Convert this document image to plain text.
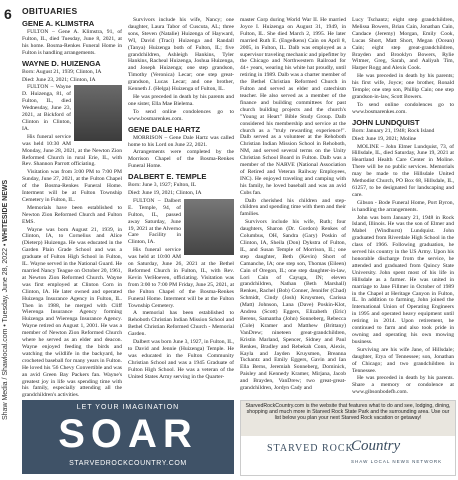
6
Shaw Media / Shawlocal.com • Tuesday, June 28, 2022 • WHITESIDE NEWS
OBITUARIES
GENE A. KLIMSTRA

FULTON – Gene A. Klimstra, 91, of Fulton, IL, died Tuesday, June 8, 2021, at his home. Bosma-Renkes Funeral Home in Fulton is handling arrangements.

WAYNE D. HUIZENGA

Born: August 21, 1939; Clinton, IA

Died: June 23, 2021; Clinton, IA

FULTON – Wayne D. Huizenga, 81, of Fulton, IL, died Wednesday, June 23, 2021, at Bickford of Clinton in Clinton, IA.

His funeral service was held 10:30 AM Monday, June 28, 2021, at the Newton Zion Reformed Church in rural Erie, IL, with Rev. Shannon Parrott officiating.

Visitation was from 3:00 PM to 7:00 PM Sunday, June 27, 2021, at the Fulton Chapel of the Bosma-Renkes Funeral Home. Interment will be at Fulton Township Cemetery in Fulton, IL.

Memorials have been established to Newton Zion Reformed Church and Fulton EMS.

Wayne was born August 21, 1939, in Clinton, IA, to Cornelius and Alice (Dieterp) Huizenga. He was educated in the Garden Plain Grade School and was a graduate of Fulton High School in Fulton, IL. Wayne served in the National Guard. He married Nancy Teague on October 20, 1961, at Newton Zion Reformed Church. Wayne was first employed at Clinton Corn in Clinton, IA. He later owned and operated Huizenga Insurance Agency in Fulton, IL. Then in 1988, he merged with Cliff Wierenga Insurance Agency forming Huizenga and Wierenga Insurance Agency. Wayne retired on August 1, 2001. He was a member of Newton Zion Reformed Church where he served as an elder and deacon. Wayne enjoyed feeding the birds and watching the wildlife in the backyard, he crocheted baseball for many years in Fulton. He loved his '56 Chevy Convertible and was an avid Green Bay Packers fan. Wayne's greatest joy in life was spending time with his family, especially attending all the grandchildren's activities.

Survivors include his wife, Nancy; one daughter, Laura Tabor of Cuscuta, AL; three sons, Steven (Natalie) Huizenga of Hayward, WI, David (Traci) Huizenga and Randall (Tanya) Huizenga both of Fulton, IL; five grandchildren, Ashleigh Hankins, Tyler Hankins, Racheal Huizenga, Joshua Huizenga, and Joseph Huizenga; one step grandson, Timothy (Veronica) Lecar; one step great-grandson, Lucas Lecar; and one brother, Kenneth J. (Helga) Huizenga of Fulton, IL.

He was preceded in death by his parents and one sister, Ella Mae Bielema.

To send online condolences go to www.bosmarenkes.com.

GENE DALE HARTZ

MORRISON – Gene Dale Hartz was called home to his Lord on June 22, 2021.

Arrangements were completed by the Morrison Chapel of the Bosma-Renkes Funeral Home.

DALBERT E. TEMPLE

Born: June 3, 1927; Fulton, IL

Died: June 19, 2021; Clinton, IA

FULTON – Dalbert E. Temple, 94, of Fulton, IL, passed away Saturday, June 19, 2021 at the Alverno Care Facility in Clinton, IA.

His funeral service was held at 10:00 AM on Saturday, June 26, 2021 at the Bethel Reformed Church in Fulton, IL, with Rev. Kevin VerHoeven, officiating. Visitation was from 3:00 to 7:00 PM Friday, June 25, 2021, at the Fulton Chapel of the Bosma-Renkes Funeral Home. Interment will be at the Fulton Township Cemetery.

A memorial has been established to Rehoboth Christian Indian Mission School and Bethel Christian Reformed Church - Memorial Garden.

Dalbert was born June 3, 1927, in Fulton, IL, to David and Jennie (Huizenga) Temple. He was educated in the Fulton Community Christian School and was a 1945 Graduate of Fulton High School. He was a veteran of the United States Army serving in the Quarter-

master Corp during World War II. He married Joyce I. Huizenga on August 31, 1949, in Fulton, IL. She died March 2, 1995. He later married Ruth E. (Engelkens) Cain on April 8, 2005, in Fulton, IL. Dalb was employed as a supervisor traveling mechanic and pipefitter by the Chicago and Northwestern Railroad for 44+ years, wearing his white hat proudly, until retiring in 1989. Dalb was a charter member of the Bethel Christian Reformed Church in Fulton and served as elder and catechism teacher. He also served as a member of the finance and building committees for past church building projects and the church's "Young at Heart" Bible Study Group. Dalb considered his membership and service at the church as a "truly rewarding experience!". Dalb served as a volunteer at the Rehoboth Christian Indian Mission School in Rehoboth, NM, and served several terms on the Unity Christian School Board in Fulton. Dalb was a member of the NARVE (National Association of Retired and Veteran Railway Employees, INC). He enjoyed traveling and camping with his family, he loved baseball and was an avid Cubs fan.

Dalb cherished his children and step-children and spending time with them and their families.

Survivors include his wife, Ruth; four daughters, Sharon (Dr. Gordon) Renkes of Columbus, OH, Sandra (Gary) Poskin of Clinton, IA, Sheila (Don) Dykstra of Fulton, IL, and Susan Temple of Morrison, IL; one step daughter, Beth (Kevin) Short of Camanche, IA; one step son, Thomas (Eileen) Cain of Oregon, IL; one step daughter-in-law, Lori Cain of Cayuga, IN; eleven grandchildren, Nathan (Beth Marshall) Renkes, Rachel (Bob) Conner, Jennifer (Chad) Schmidt, Cindy (Josh) Kruysmen, Carissa (Matt) Johnson, Lana (Dave) Poskin-Klot, Andrea (Scott) Eggers, Elizabeth (Eric) Berens, Samantha (John) Sonneberg, Rebecca (Cole) Kramer and Matthew (Brittany) VanDrew; nineteen great-grandchildren, Kristin Marland, Spencer, Sidney and Paul Renkes, Bradley and Rebekah Conn, Alexis, Kayla and Jayden Kruysmen, Breanna Tschantz and Emily Eggers, Gavin and Ian Ella Berns, Jeremiah Sonneberg, Dominick, Paisley and Kennedy Kramer, Mirjana, Jacob and Brayden, VanDrew; two great-great-grandchildren, Jordyn Cady and

Lucy Tschantz; eight step grandchildren, Melissa Bowers, Brian Cain, Jonathan Cain, Candace (Jeremy) Morgan, Emily Cook, Lucas Short, Matt Short, Megan (Ocean) Cain; eight step great-grandchildren, Brayden and Brooklyn Bowers, Rylie Witmer, Greg, Sarah, and Aaliyah Tim, Harper Rogg and Alexis Cook.

He was preceded in death by his parents; his first wife, Joyce; one brother, Ronald Temple; one step son, Phillip Cain; one step grandson-in-law, Scott Bowers.

To send online condolences go to www.bosmarenkes.com.

JOHN LUNDQUIST

Born: January 21, 1948; Rock Island

Died: June 19, 2021; Moline

MOLINE – John Elmer Lundquist, 73, of Hillsdale, IL, died Saturday, June 19, 2021 at Heartland Health Care Center in Moline. There will be no public services. Memorials may be made to the Hillsdale United Methodist Church, PO Box 68, Hillsdale, IL, 61257, to be designated for landscaping and care.

Gibson - Bode Funeral Home, Port Byron, is handling the arrangements.

John was born January 21, 1948 in Rock Island, Illinois. He was the son of Elmer and Mabel (Windhurst) Lundquist. John graduated from Riverdale High School in the class of 1966. Following graduation, he served his country in the US Army. Upon his honorable discharge from the service, he attended and graduated from Quincy State University. John spent most of his life in Hillsdale as a farmer. He was united in marriage to Jane Fillmer in October of 1989 in the Chapel at Heritage Canyon in Fulton, IL. In addition to farming, John joined the International Union of Operating Engineers in 1995 and operated heavy equipment until retiring in 2014. Upon retirement, he continued to farm and also took pride in owning and operating his own mowing business.

Surviving are his wife Jane, of Hillsdale; daughter, Erya of Tennessee; son, Jonathan of Chicago; and two grandchildren in Tennessee.

He was preceded in death by his parents. Share a memory or condolence at www.gibsonbodefh.com.

LET YOUR IMAGINATION
SOAR
STARVEDROCKCOUNTRY.COM
StarvedRockCountry.com is the website that features what to do and see, lodging, dining, shopping and much more in Starved Rock State Park and the surrounding area. Use our list below you plan your next Starved Rock vacation or getaway!
STARVED ROCK
Country
SHAW LOCAL NEWS NETWORK
